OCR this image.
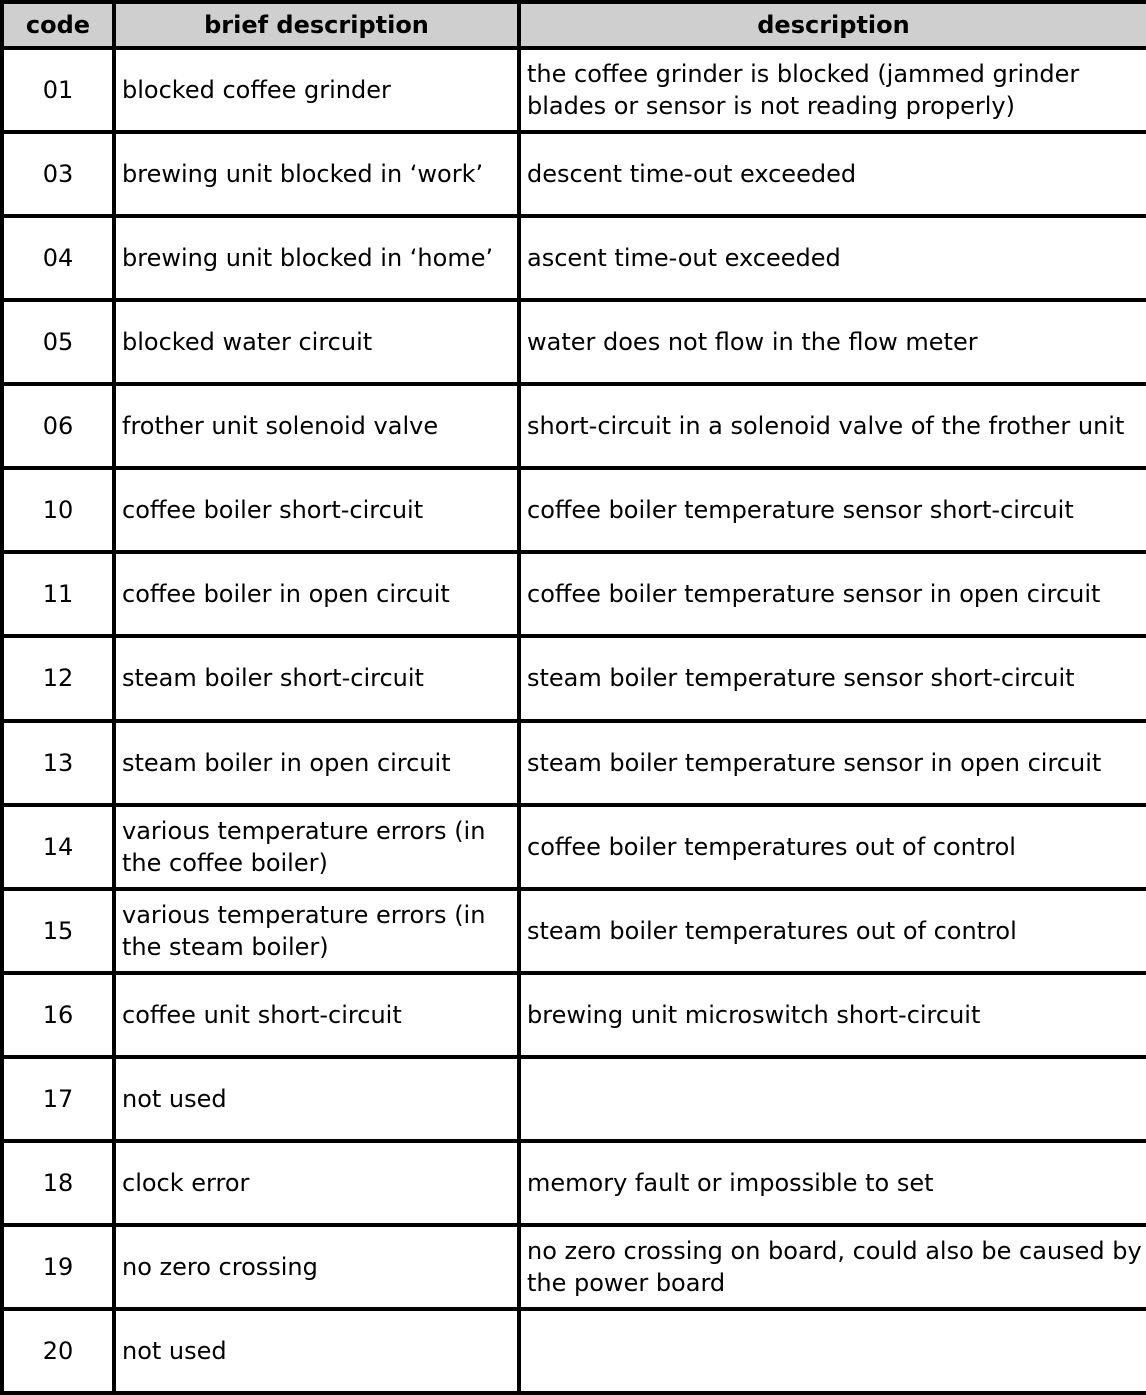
code	brief description	description
01	blocked coffee grinder	the coffee grinder is blocked (jammed grinder blades or sensor is not reading properly)
03	brewing unit blocked in ‘work’	descent time-out exceeded
04	brewing unit blocked in ‘home’	ascent time-out exceeded
05	blocked water circuit	water does not flow in the flow meter
06	frother unit solenoid valve	short-circuit in a solenoid valve of the frother unit
10	coffee boiler short-circuit	coffee boiler temperature sensor short-circuit
11	coffee boiler in open circuit	coffee boiler temperature sensor in open circuit
12	steam boiler short-circuit	steam boiler temperature sensor short-circuit
13	steam boiler in open circuit	steam boiler temperature sensor in open circuit
14	various temperature errors (in the coffee boiler)	coffee boiler temperatures out of control
15	various temperature errors (in the steam boiler)	steam boiler temperatures out of control
16	coffee unit short-circuit	brewing unit microswitch short-circuit
17	not used	
18	clock error	memory fault or impossible to set
19	no zero crossing	no zero crossing on board, could also be caused by the power board
20	not used	
